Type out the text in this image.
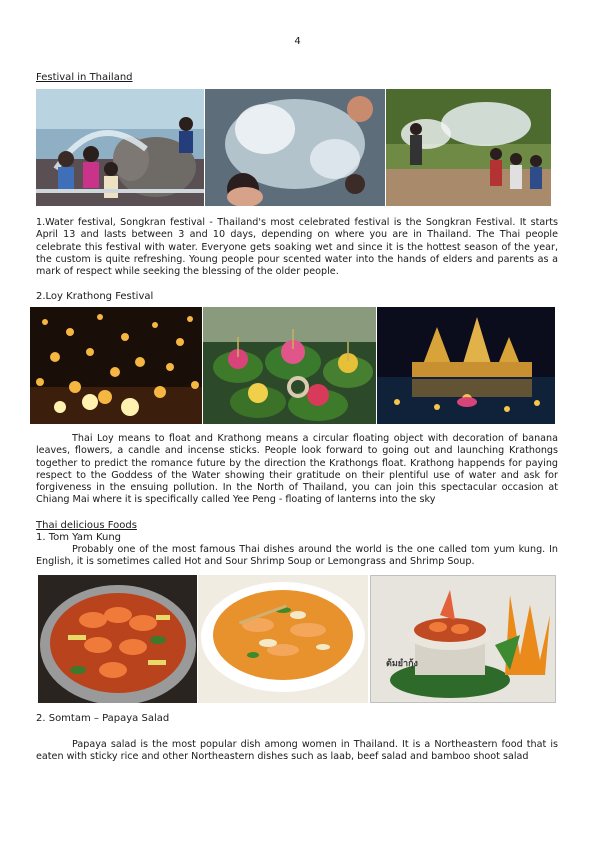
4
Festival in Thailand
1.Water festival, Songkran festival - Thailand's most celebrated festival is the Songkran Festival. It starts April 13 and lasts between 3 and 10 days, depending on where you are in Thailand. The Thai people celebrate this festival with water. Everyone gets soaking wet and since it is the hottest season of the year, the custom is quite refreshing. Young people pour scented water into the hands of elders and parents as a mark of respect while seeking the blessing of the older people.
2.Loy Krathong Festival
Thai Loy means to float and Krathong means a circular floating object with decoration of banana leaves, flowers, a candle and incense sticks. People look forward to going out and launching Krathongs together to predict the romance future by the direction the Krathongs float. Krathong happends for paying respect to the Goddess of the Water showing their gratitude on their plentiful use of water and ask for forgiveness in the ensuing pollution. In the North of Thailand, you can join this spectacular occasion at Chiang Mai where it is specifically called Yee Peng - floating of lanterns into the sky
Thai delicious Foods
1. Tom Yam Kung
Probably one of the most famous Thai dishes around the world is the one called tom yum kung. In English, it is sometimes called Hot and Sour Shrimp Soup or Lemongrass and Shrimp Soup.
ต้มยำกุ้ง
2. Somtam – Papaya Salad
Papaya salad is the most popular dish among women in Thailand. It is a Northeastern food that is eaten with sticky rice and other Northeastern dishes such as laab, beef salad and bamboo shoot salad
